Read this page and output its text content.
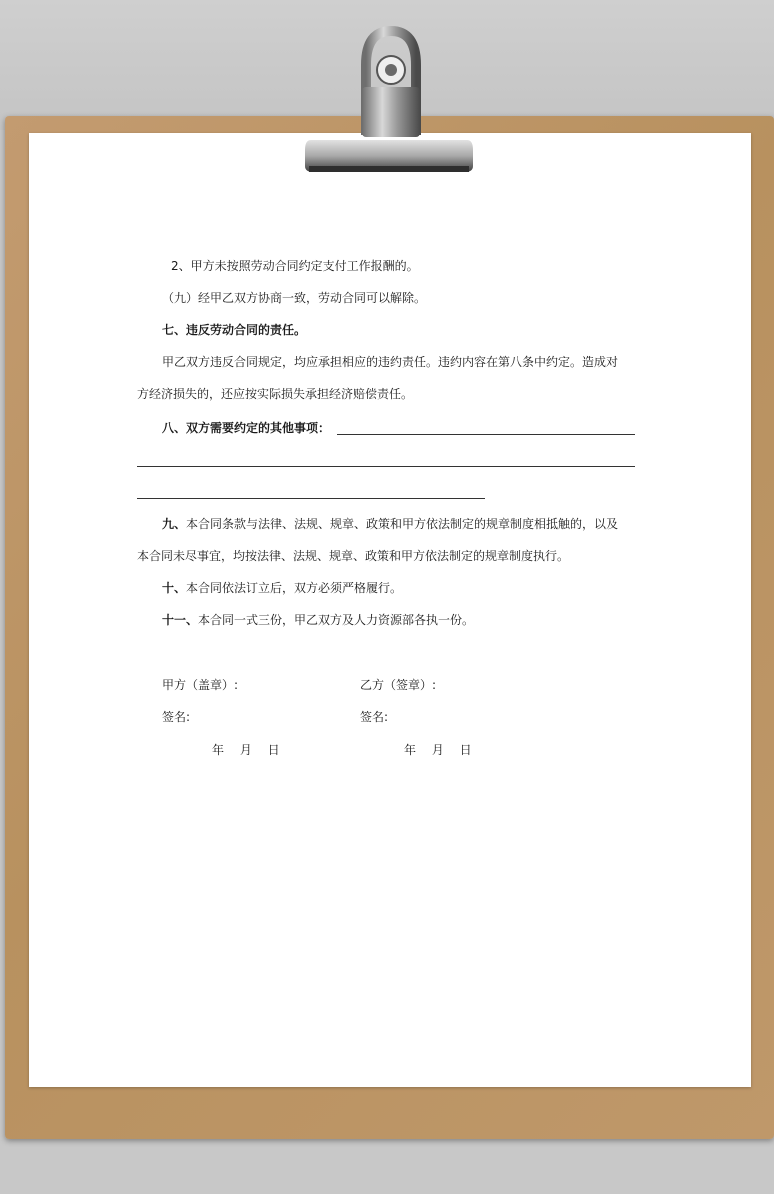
2、甲方未按照劳动合同约定支付工作报酬的。
（九）经甲乙双方协商一致，劳动合同可以解除。
七、违反劳动合同的责任。
甲乙双方违反合同规定，均应承担相应的违约责任。违约内容在第八条中约定。造成对
方经济损失的，还应按实际损失承担经济赔偿责任。
八、双方需要约定的其他事项：
九、本合同条款与法律、法规、规章、政策和甲方依法制定的规章制度相抵触的，以及
本合同未尽事宜，均按法律、法规、规章、政策和甲方依法制定的规章制度执行。
十、本合同依法订立后，双方必须严格履行。
十一、本合同一式三份，甲乙双方及人力资源部各执一份。
甲方（盖章）:	乙方（签章）:
签名:	签名:
年　 月　 日	年　 月　 日
